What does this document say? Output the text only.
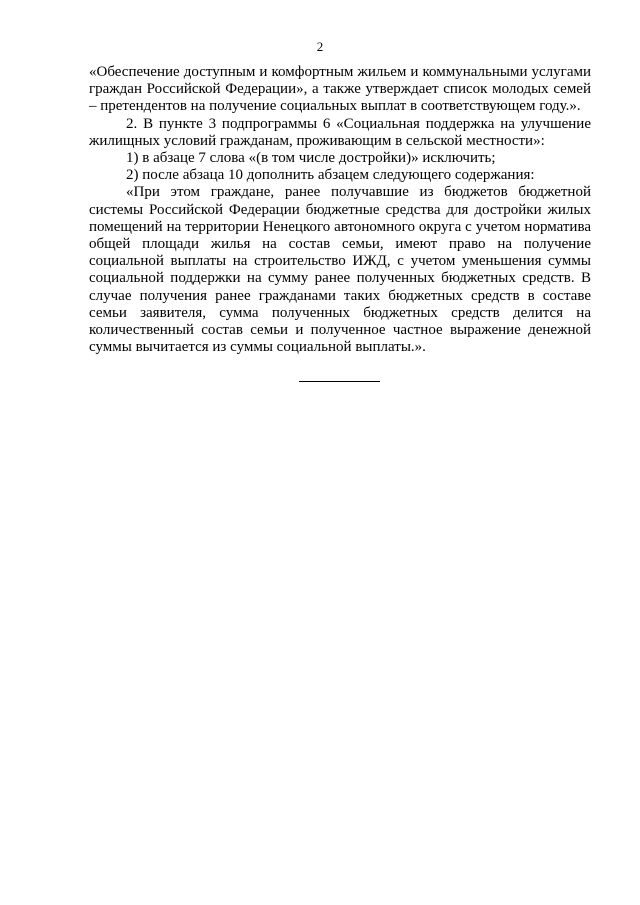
2

«Обеспечение доступным и комфортным жильем и коммунальными услугами граждан Российской Федерации», а также утверждает список молодых семей – претендентов на получение социальных выплат в соответствующем году.».

2. В пункте 3 подпрограммы 6 «Социальная поддержка на улучшение жилищных условий гражданам, проживающим в сельской местности»:

1) в абзаце 7 слова «(в том числе достройки)» исключить;

2) после абзаца 10 дополнить абзацем следующего содержания:

«При этом граждане, ранее получавшие из бюджетов бюджетной системы Российской Федерации бюджетные средства для достройки жилых помещений на территории Ненецкого автономного округа с учетом норматива общей площади жилья на состав семьи, имеют право на получение социальной выплаты на строительство ИЖД, с учетом уменьшения суммы социальной поддержки на сумму ранее полученных бюджетных средств. В случае получения ранее гражданами таких бюджетных средств в составе семьи заявителя, сумма полученных бюджетных средств делится на количественный состав семьи и полученное частное выражение денежной суммы вычитается из суммы социальной выплаты.».
